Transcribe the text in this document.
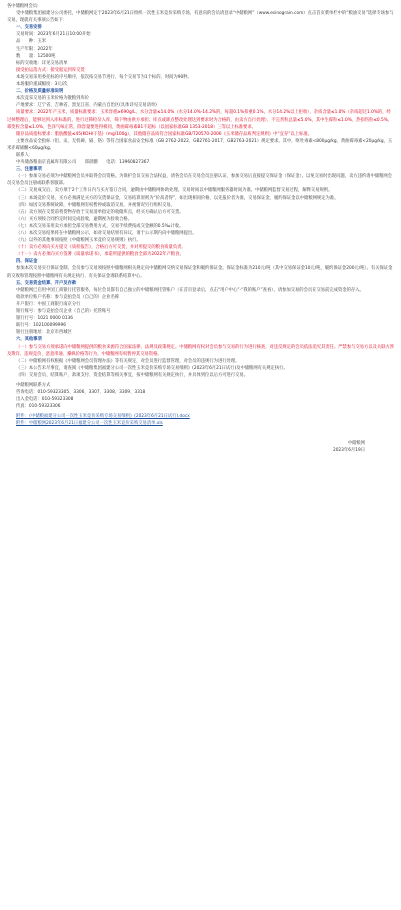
各中储粮网会员:

受中储粮集团福建分公司委托，中储粮网定于2023年6月21日组织一次性玉米竞价采购专场，有意向的会员请登录“中储粮网”（www.esinograin.com）点击首页菜单栏中的“粮油交易”选择专场参与交易。现就有关事项公告如下：

一、交易安排

交易时间：2023年6月21日10:00开始

品　　种：玉米

生产年限：2022年

数　　量：12500吨

标的交收地：详见交易清单

接受拍运落方式：接受船运到库交货

本场交易采用委托标的序号顺序，依次按交易节进行，每个交易节为1个标的，时间为90秒。

本场服价递减幅度：3元/次

二、价格及质量标准说明

本次竞采交易的玉米价格为散粮到库价

产地要求：辽宁省、吉林省、黑龙江省、内蒙古自治区(具体详见交易清单)

质量要求：2022年产玉米，质量标准要求：玉米容重≥690g/L，水分含量≤14.0%（水分14.0%-14.2%的，每超0.1%扣重0.1%，水分14.2%以上拒收），杂质含量≤1.0%（杂质超过1.0%的，经过掉整理后，能够达到入库标准的，进行过筛检杂入库，筛下物由供方承担；库点或卸点整改处理达到要求时为合格的，由卖方自行处理），不完善粒总量≤5.0%，其中生霉粒≤1.0%、热损伤粒≤0.5%，霉变粒含量≤1.0%，色泽气味正常，除容量要进得相同，黄曲霉毒素B1不超标（以国家标准GB 1353-2018）三等以上标准要求。

储存品质指标要求：脂肪酸值≤45(KOH/干基)（mg/100g），其他储存品质符合国家标准GB/T20570-2006《玉米储存品质判定规则》中“宜存”以上标准。

主要食品安全指标（铅、汞、无机砷、镉、铬）等符合国家食品安全标准（GB 2762-2022、GB2761-2017、GB2763-2021）规定要求。其中，呕吐毒素<800μg/kg，黄曲霉毒素<20μg/kg，玉米赤霉烯酮<60μg/kg。

联系人：

中央储备粮南京直属库有限公司　　郑晨鹏　　电话：13960827367

三、注意事项

（一）参加交易必须为中储粮网会员并取得会员资格。为保护会员交易合法权益，请各会员在交易会员注册认证，参加交易后直接提交保证金（保证金）。以免交易时出现问题，卖方违约请中储粮网会员交易会员注册或联系客服部。

（二）交易成交后，卖方须于2个工作日内与买方签订合同，逾期由中储粮网协助处理。交易时间以中储粮网服务器时间为准。中储粮网监督交易过程，解释交易规则。

（三）本场竞价交易，买方必须满足买方的交货保证金，交易结算原则为“价高者得”，如出现相同价格，以先报价者为准，交易保证金、履约保证金以中储粮网规定为准。

（四）如因交易系统故障，中储粮网有权暂停或取消交易，并视情况另行组织交易。

（五）卖方须在交货前将货物存放于交易清单指定的收储库点，经买方确认后方可交货。

（六）买方须按合同约定时间完成验收，逾期视为验收合格。

（七）本次交易采用卖方承担全部交易费用方式，交易手续费按成交金额的0.5‰计收。

（八）本次交易结果将在中储粮网公示，如对交易结果有异议，请于公示期内向中储粮网提出。

（九）以外的其他事项按照《中储粮网玉米竞价交易规则》执行。

（十）卖方必须向买方提交《质检报告》，合格后方可交货，并对所提交的粮食质量负责。

（十一）卖方必须向买方签署《质量承诺书》，承诺所提供的粮食全部为2022年产粮食。

四、保证金

参加本次交易实行保证金制，会员参与交易须按照中储粮网相关规定向中储粮网交纳交易保证金和履约保证金。保证金标准为210元/吨（其中交易保证金10元/吨，履约保证金200元/吨）。有关保证金的交收和管理按照中储粮网有关规定执行，有关保证金请联系结算中心。

五、交易资金结算、开户及存款

中储粮网已启用中国工商银行托管服务，每位会员都有自己独立的中储粮网托管账户（在首页登录后，点击“用户中心”-“我的账户”查看），请参加交易的会员在交易前完成资金的存入。

收款单位账户名称：参与竞拍会员（自己的）企业名称

开户银行：中国工商银行南京分行

银行账号：参与竞拍会员企业（自己的）托管账号

银行行号：1021 0000 0136

联行号：102100099996

银行注册地址：北京市西城区

六、其他事项

（一）参与交易方须承诺向中储粮网提供的粮食来源符合国家法律、法规及政策规定。中储粮网有权对会员参与交易的行为进行核查，对违反规定的会员依法追究其责任。严禁参与交易方以及关联方涉及欺诈、违规竞价、恶意串通、操纵价格等行为，中储粮网有权暂停其交易资格。

（二）中储粮网有权根据《中储粮网会员管理办法》等有关规定，对会员进行监督管理，对会员的违规行为进行处理。

（三）本公告未尽事宜，请查阅《中储粮集团福建分公司一次性玉米竞价采购专场交易细则》(2023年6月21日试行)及中储粮网有关规定执行。

（四）交易会员、结算账户、款项支付、资金结算等相关事宜，按中储粮网有关规定执行，并具体到位以后方可进行交易。

中储粮网联系方式

咨询电话：010-59323305、3306、3307、3308、3309、3318

出入金电话：010-59323308

传真：010-59323306

附件：《中储粮福建分公司一次性玉米竞价采购专场交易细则》(2023年6月21日试行).docx

附件：中储粮网2023年6月21日福建分公司一次性玉米竞价采购交易清单.xls

中储粮网

2023年6月19日
